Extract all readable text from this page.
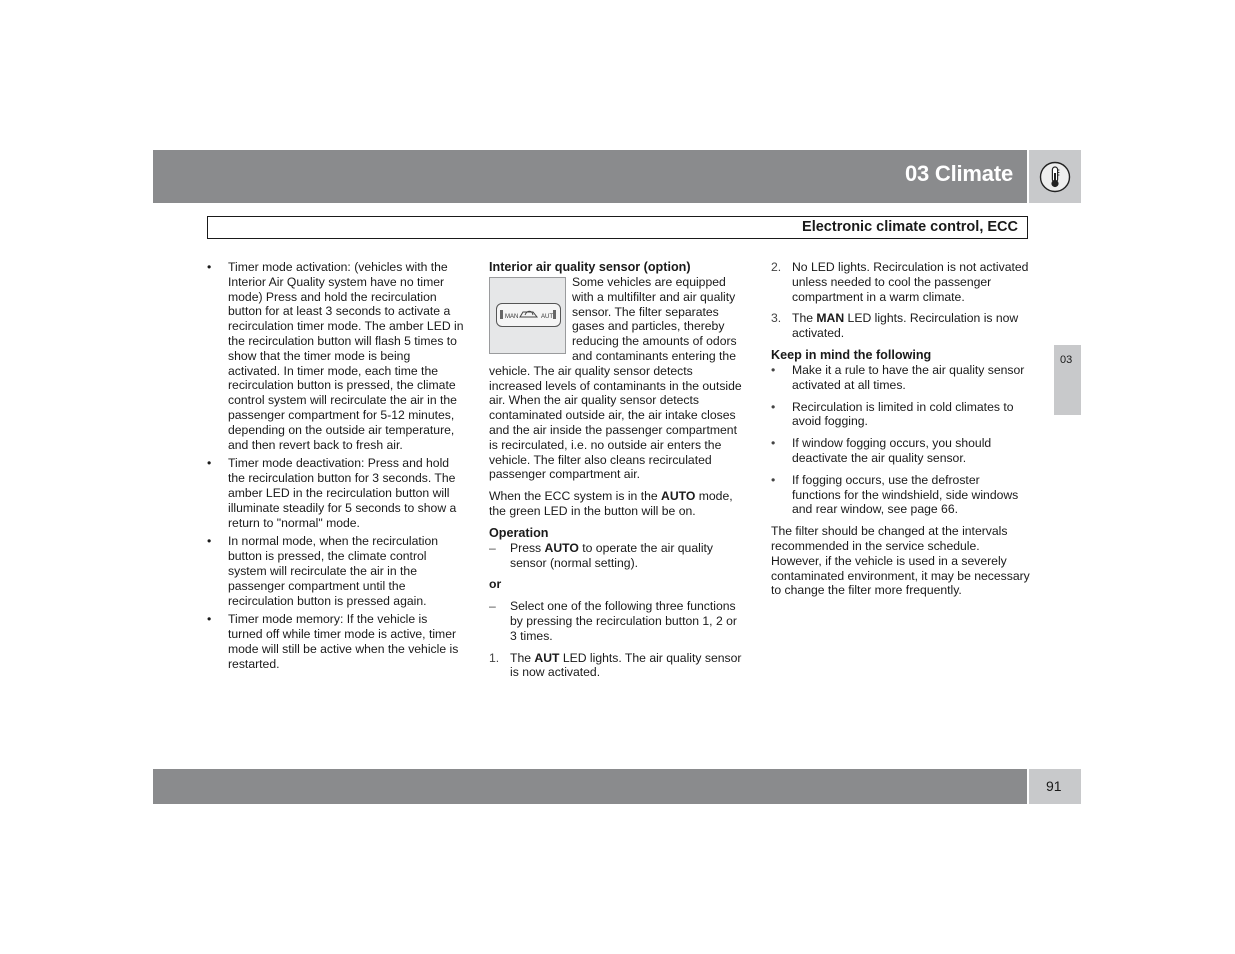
03 Climate
Electronic climate control, ECC
03
• Timer mode activation: (vehicles with the Interior Air Quality system have no timer mode) Press and hold the recirculation button for at least 3 seconds to activate a recirculation timer mode. The amber LED in the recirculation button will flash 5 times to show that the timer mode is being activated. In timer mode, each time the recirculation button is pressed, the climate control system will recirculate the air in the passenger compartment for 5-12 minutes, depending on the outside air temperature, and then revert back to fresh air.
• Timer mode deactivation: Press and hold the recirculation button for 3 seconds. The amber LED in the recirculation button will illuminate steadily for 5 seconds to show a return to "normal" mode.
• In normal mode, when the recirculation button is pressed, the climate control system will recirculate the air in the passenger compartment until the recirculation button is pressed again.
• Timer mode memory: If the vehicle is turned off while timer mode is active, timer mode will still be active when the vehicle is restarted.
Interior air quality sensor (option)
MAN	AUT

Some vehicles are equipped with a multifilter and air quality sensor. The filter separates gases and particles, thereby reducing the amounts of odors and contaminants entering the vehicle. The air quality sensor detects increased levels of contaminants in the outside air. When the air quality sensor detects contaminated outside air, the air intake closes and the air inside the passenger compartment is recirculated, i.e. no outside air enters the vehicle. The filter also cleans recirculated passenger compartment air.

When the ECC system is in the AUTO mode, the green LED in the button will be on.

Operation
– Press AUTO to operate the air quality sensor (normal setting).

or

– Select one of the following three functions by pressing the recirculation button 1, 2 or 3 times.
1. The AUT LED lights. The air quality sensor is now activated.
2. No LED lights. Recirculation is not activated unless needed to cool the passenger compartment in a warm climate.
3. The MAN LED lights. Recirculation is now activated.
Keep in mind the following
• Make it a rule to have the air quality sensor activated at all times.
• Recirculation is limited in cold climates to avoid fogging.
• If window fogging occurs, you should deactivate the air quality sensor.
• If fogging occurs, use the defroster functions for the windshield, side windows and rear window, see page 66.

The filter should be changed at the intervals recommended in the service schedule. However, if the vehicle is used in a severely contaminated environment, it may be necessary to change the filter more frequently.

91
